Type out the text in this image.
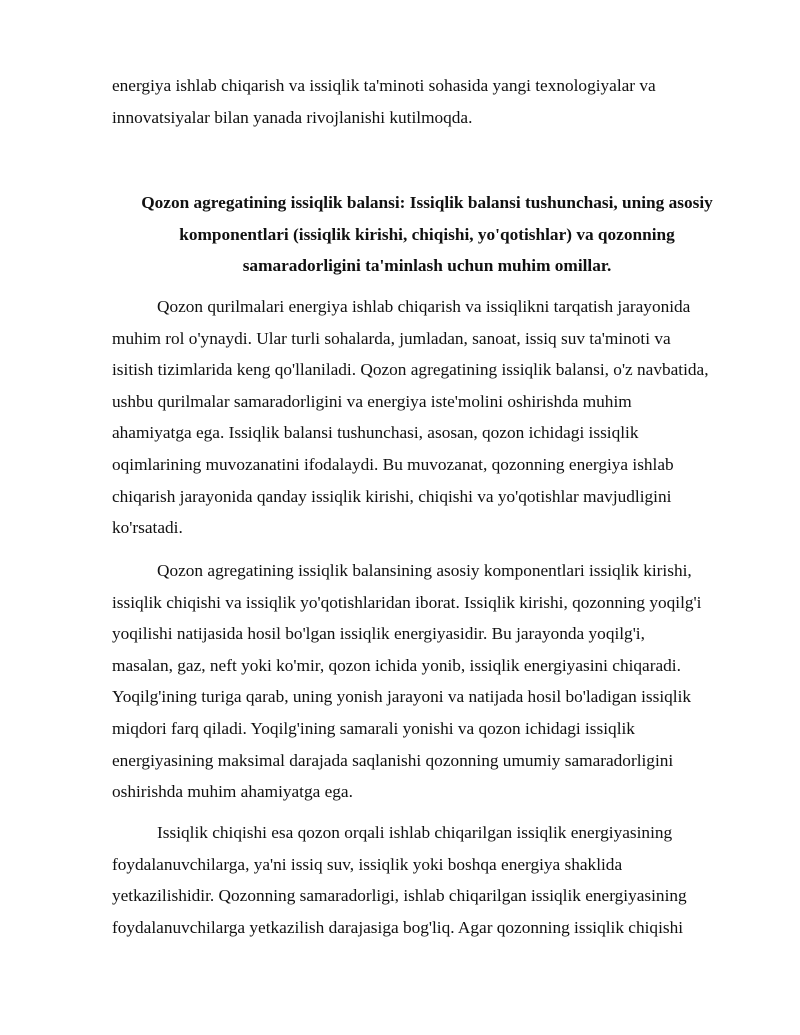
energiya ishlab chiqarish va issiqlik ta'minoti sohasida yangi texnologiyalar va
innovatsiyalar bilan yanada rivojlanishi kutilmoqda.
Qozon agregatining issiqlik balansi: Issiqlik balansi tushunchasi, uning asosiy
komponentlari (issiqlik kirishi, chiqishi, yo'qotishlar) va qozonning
samaradorligini ta'minlash uchun muhim omillar.
Qozon qurilmalari energiya ishlab chiqarish va issiqlikni tarqatish jarayonida
muhim rol o'ynaydi. Ular turli sohalarda, jumladan, sanoat, issiq suv ta'minoti va
isitish tizimlarida keng qo'llaniladi. Qozon agregatining issiqlik balansi, o'z navbatida,
ushbu qurilmalar samaradorligini va energiya iste'molini oshirishda muhim
ahamiyatga ega. Issiqlik balansi tushunchasi, asosan, qozon ichidagi issiqlik
oqimlarining muvozanatini ifodalaydi. Bu muvozanat, qozonning energiya ishlab
chiqarish jarayonida qanday issiqlik kirishi, chiqishi va yo'qotishlar mavjudligini
ko'rsatadi.
Qozon agregatining issiqlik balansining asosiy komponentlari issiqlik kirishi,
issiqlik chiqishi va issiqlik yo'qotishlaridan iborat. Issiqlik kirishi, qozonning yoqilg'i
yoqilishi natijasida hosil bo'lgan issiqlik energiyasidir. Bu jarayonda yoqilg'i,
masalan, gaz, neft yoki ko'mir, qozon ichida yonib, issiqlik energiyasini chiqaradi.
Yoqilg'ining turiga qarab, uning yonish jarayoni va natijada hosil bo'ladigan issiqlik
miqdori farq qiladi. Yoqilg'ining samarali yonishi va qozon ichidagi issiqlik
energiyasining maksimal darajada saqlanishi qozonning umumiy samaradorligini
oshirishda muhim ahamiyatga ega.
Issiqlik chiqishi esa qozon orqali ishlab chiqarilgan issiqlik energiyasining
foydalanuvchilarga, ya'ni issiq suv, issiqlik yoki boshqa energiya shaklida
yetkazilishidir. Qozonning samaradorligi, ishlab chiqarilgan issiqlik energiyasining
foydalanuvchilarga yetkazilish darajasiga bog'liq. Agar qozonning issiqlik chiqishi
